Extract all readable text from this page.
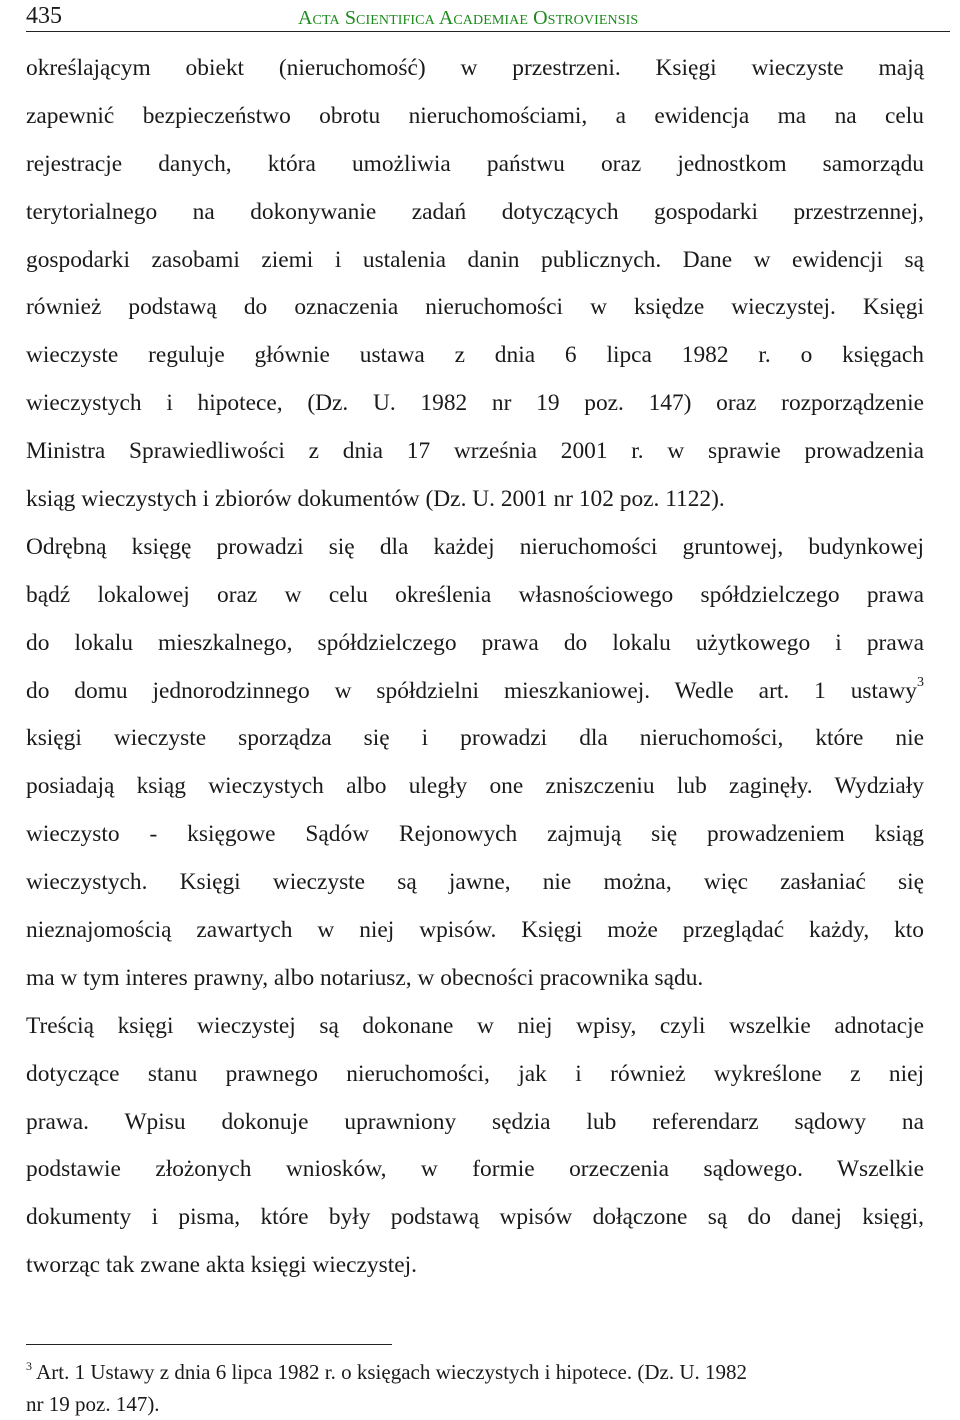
435	Acta Scientifica Academiae Ostroviensis
określającym obiekt (nieruchomość) w przestrzeni. Księgi wieczyste mają
zapewnić bezpieczeństwo obrotu nieruchomościami, a ewidencja ma na celu
rejestracje danych, która umożliwia państwu oraz jednostkom samorządu
terytorialnego na dokonywanie zadań dotyczących gospodarki przestrzennej,
gospodarki zasobami ziemi i ustalenia danin publicznych. Dane w ewidencji są
również podstawą do oznaczenia nieruchomości w księdze wieczystej. Księgi
wieczyste reguluje głównie ustawa z dnia 6 lipca 1982 r. o księgach
wieczystych i hipotece, (Dz. U. 1982 nr 19 poz. 147) oraz rozporządzenie
Ministra Sprawiedliwości z dnia 17 września 2001 r. w sprawie prowadzenia
ksiąg wieczystych i zbiorów dokumentów (Dz. U. 2001 nr 102 poz. 1122).
Odrębną księgę prowadzi się dla każdej nieruchomości gruntowej, budynkowej
bądź lokalowej oraz w celu określenia własnościowego spółdzielczego prawa
do lokalu mieszkalnego, spółdzielczego prawa do lokalu użytkowego i prawa
do domu jednorodzinnego w spółdzielni mieszkaniowej. Wedle art. 1 ustawy$^3$
księgi wieczyste sporządza się i prowadzi dla nieruchomości, które nie
posiadają ksiąg wieczystych albo uległy one zniszczeniu lub zaginęły. Wydziały
wieczysto - księgowe Sądów Rejonowych zajmują się prowadzeniem ksiąg
wieczystych. Księgi wieczyste są jawne, nie można, więc zasłaniać się
nieznajomością zawartych w niej wpisów. Księgi może przeglądać każdy, kto
ma w tym interes prawny, albo notariusz, w obecności pracownika sądu.
Treścią księgi wieczystej są dokonane w niej wpisy, czyli wszelkie adnotacje
dotyczące stanu prawnego nieruchomości, jak i również wykreślone z niej
prawa. Wpisu dokonuje uprawniony sędzia lub referendarz sądowy na
podstawie złożonych wniosków, w formie orzeczenia sądowego. Wszelkie
dokumenty i pisma, które były podstawą wpisów dołączone są do danej księgi,
tworząc tak zwane akta księgi wieczystej.
$^3$ Art. 1 Ustawy z dnia 6 lipca 1982 r. o księgach wieczystych i hipotece. (Dz. U. 1982
nr 19 poz. 147).
